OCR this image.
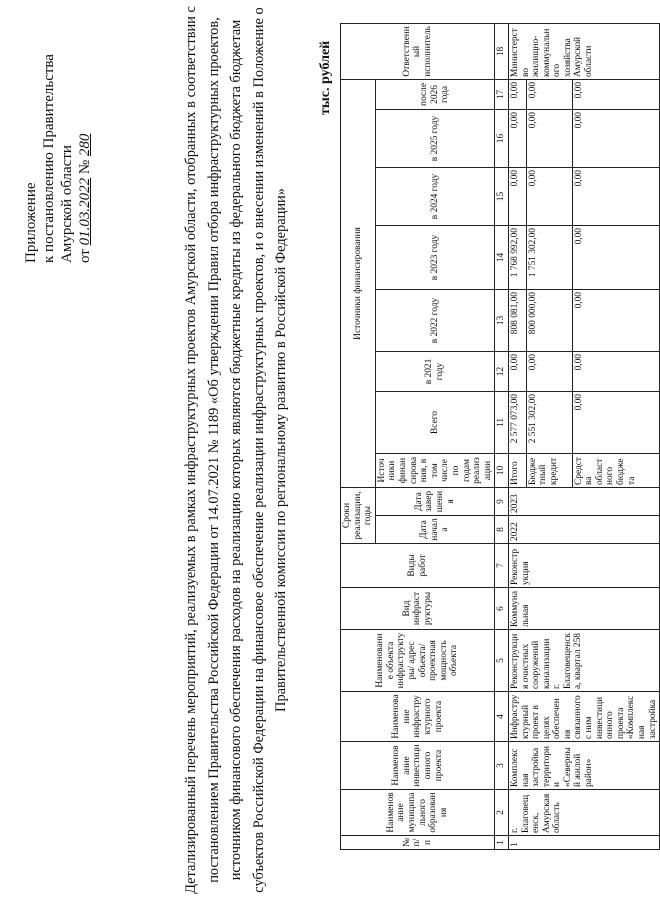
Приложение к постановлению Правительства Амурской области от 01.03.2022 № 280	Детализированный перечень мероприятий, реализуемых в рамках инфраструктурных проектов Амурской области, отобранных в соответствии с постановлением Правительства Российской Федерации от 14.07.2021 № 1189 «Об утверждении Правил отбора инфраструктурных проектов, источником финансового обеспечения расходов на реализацию которых являются бюджетные кредиты из федерального бюджета бюджетам субъектов Российской Федерации на финансовое обеспечение реализации инфраструктурных проектов, и о внесении изменений в Положение о Правительственной комиссии по региональному развитию в Российской Федерации»
тыс. рублей
№ п/п	Наименование муниципального образования	Наименование инвестиционного проекта	Наименование инфраструктурного проекта	Наименование объекта инфраструктуры/ адрес объекта/ проектная мощность объекта	Вид инфраструктуры	Виды работ	Сроки реализации, годы		Источники финансирования								Ответственный исполнитель
							Дата начала	Дата завершения	Источники финансирования, в том числе по годам реализации	Всего	в 2021 году	в 2022 году	в 2023 году	в 2024 году	в 2025 году	после 2026 года	

1	2	3	4	5	6	7	8	9	10	11	12	13	14	15	16	17	18
1	г. Благовещенск, Амурская область	Комплексная застройка территории «Северный жилой район»	Инфраструктурный проект в целях обеспечения связанного с ним инвестиционного проекта «Комплексная застройка	Реконструкция очистных сооружений канализации г. Благовещенска, квартал 258	Коммунальная	Реконструкция	2022	2023	Итого	2 577 073,00	0,00	808 081,00	1 768 992,00	0,00	0,00	0,00	Министерство жилищно-коммунального хозяйства Амурской области
									Бюджетный кредит	2 551 302,00	0,00	800 000,00	1 751 302,00	0,00	0,00	0,00	
									Средства областного бюджета	0,00	0,00	0,00	0,00	0,00	0,00	0,00	
